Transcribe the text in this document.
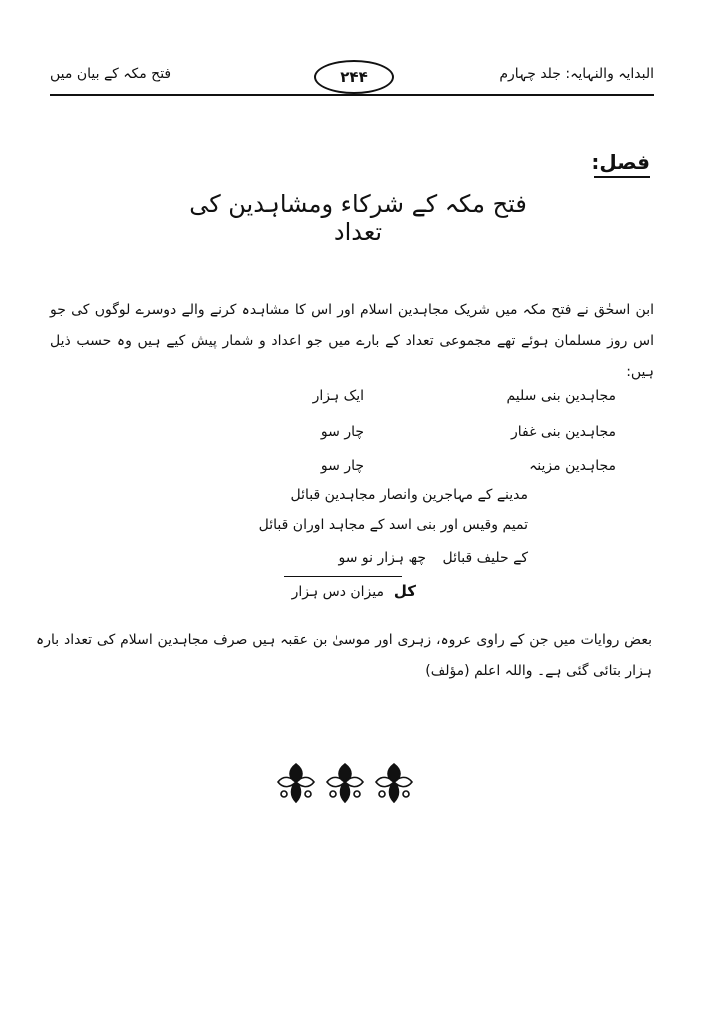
البدایہ والنہایہ: جلد چہارم
فتح مکہ کے بیان میں	۲۴۴
فصل:
فتح مکہ کے شرکاء ومشاہدین کی تعداد
ابن اسحٰق نے فتح مکہ میں شریک مجاہدین اسلام اور اس کا مشاہدہ کرنے والے دوسرے لوگوں کی جو اس روز مسلمان ہوئے تھے مجموعی تعداد کے بارے میں جو اعداد و شمار پیش کیے ہیں وہ حسب ذیل ہیں:
مجاہدین بنی سلیم
ایک ہزار
مجاہدین بنی غفار
چار سو
مجاہدین مزینہ
چار سو
مدینے کے مہاجرین وانصار مجاہدین قبائل
تمیم وقیس اور بنی اسد کے مجاہد اوران قبائل
کے حلیف قبائل
چھ ہزار نو سو
کل
میزان دس ہزار
بعض روایات میں جن کے راوی عروہ، زہری اور موسیٰ بن عقبہ ہیں صرف مجاہدین اسلام کی تعداد بارہ ہزار بتائی گئی ہے۔ واللہ اعلم (مؤلف)
